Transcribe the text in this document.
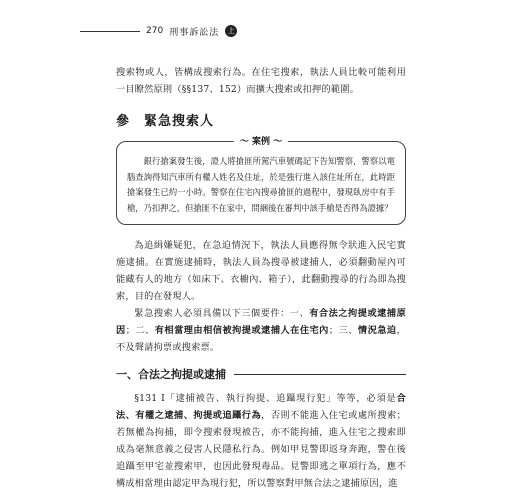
270 刑事訴訟法	上

搜索物或人，皆構成搜索行為。在住宅搜索，執法人員比較可能利用一目瞭然原則（§§137、152）而擴大搜索或扣押的範圍。

參　緊急搜索人
〜 案例 〜

銀行搶案發生後，證人將搶匪所駕汽車號碼記下告知警察，警察以電腦查詢得知汽車所有權人姓名及住址，於是強行進入該住址所在，此時距搶案發生已約一小時。警察在住宅內搜尋搶匪的過程中，發現臥房中有手槍，乃扣押之，但搶匪不在家中，問綑後在審判中該手槍是否得為證據？

為追緝嫌疑犯，在急迫情況下，執法人員應得無令狀進入民宅實施逮捕。在實施逮捕時，執法人員為搜尋被逮捕人，必須翻動屋內可能藏有人的地方（如床下、衣櫥內、箱子），此翻動搜尋的行為即為搜索，目的在發現人。

緊急搜索人必須具備以下三個要件：一、有合法之拘提或逮捕原因；二、有相當理由相信被拘提或逮捕人在住宅內；三、情況急迫，不及聲請拘票或搜索票。

一、合法之拘提或逮捕

§131 I「逮捕被告、執行拘提、追躡現行犯」等等，必須是合法、有權之逮捕、拘提或追躡行為，否則不能進入住宅或處所搜索；若無權為拘捕，即令搜索發現被告，亦不能拘捕，進入住宅之搜索即成為毫無意義之侵害人民隱私行為。例如甲見警即返身奔跑，警在後追躡至甲宅並搜索甲，也因此發現毒品。見警即逃之單項行為，應不構成相當理由認定甲為現行犯，所以警察對甲無合法之逮捕原因，進
